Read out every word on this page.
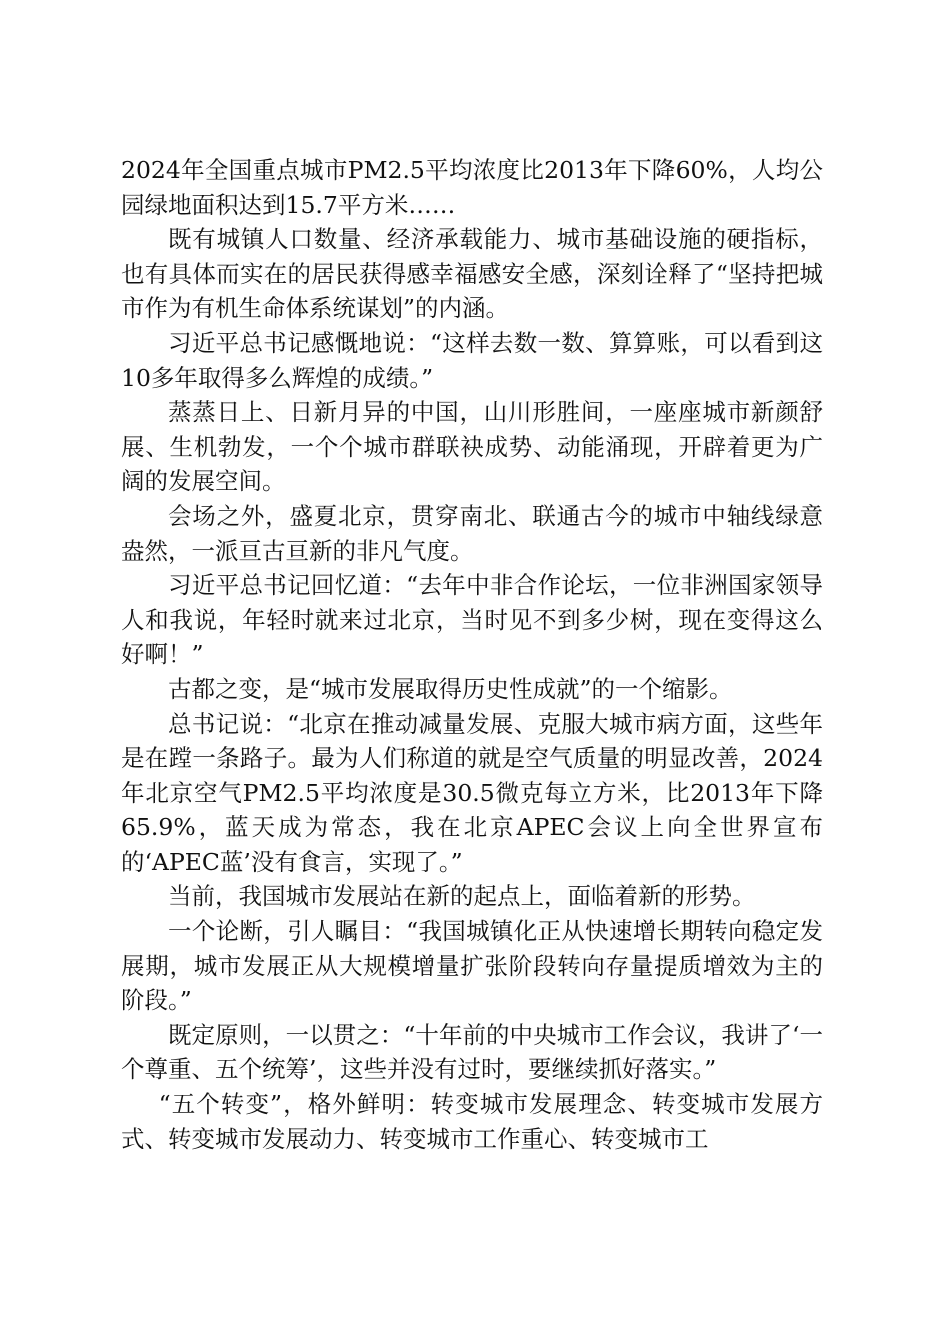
2024年全国重点城市PM2.5平均浓度比2013年下降60%，人均公园绿地面积达到15.7平方米……

既有城镇人口数量、经济承载能力、城市基础设施的硬指标，也有具体而实在的居民获得感幸福感安全感，深刻诠释了“坚持把城市作为有机生命体系统谋划”的内涵。

习近平总书记感慨地说：“这样去数一数、算算账，可以看到这10多年取得多么辉煌的成绩。”

蒸蒸日上、日新月异的中国，山川形胜间，一座座城市新颜舒展、生机勃发，一个个城市群联袂成势、动能涌现，开辟着更为广阔的发展空间。

会场之外，盛夏北京，贯穿南北、联通古今的城市中轴线绿意盎然，一派亘古亘新的非凡气度。

习近平总书记回忆道：“去年中非合作论坛，一位非洲国家领导人和我说，年轻时就来过北京，当时见不到多少树，现在变得这么好啊！”

古都之变，是“城市发展取得历史性成就”的一个缩影。

总书记说：“北京在推动减量发展、克服大城市病方面，这些年是在蹚一条路子。最为人们称道的就是空气质量的明显改善，2024年北京空气PM2.5平均浓度是30.5微克每立方米，比2013年下降65.9%，蓝天成为常态，我在北京APEC会议上向全世界宣布的‘APEC蓝’没有食言，实现了。”

当前，我国城市发展站在新的起点上，面临着新的形势。

一个论断，引人瞩目：“我国城镇化正从快速增长期转向稳定发展期，城市发展正从大规模增量扩张阶段转向存量提质增效为主的阶段。”

既定原则，一以贯之：“十年前的中央城市工作会议，我讲了‘一个尊重、五个统筹’，这些并没有过时，要继续抓好落实。”

“五个转变”，格外鲜明：转变城市发展理念、转变城市发展方式、转变城市发展动力、转变城市工作重心、转变城市工
